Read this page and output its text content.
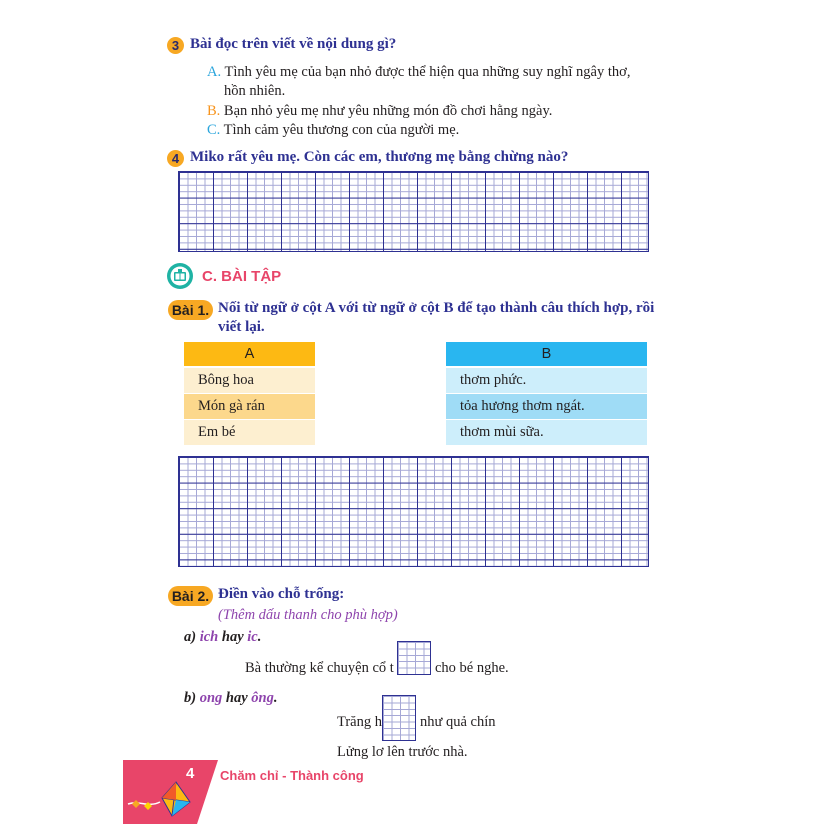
3 Bài đọc trên viết về nội dung gì?
A. Tình yêu mẹ của bạn nhỏ được thể hiện qua những suy nghĩ ngây thơ,
hồn nhiên.
B. Bạn nhỏ yêu mẹ như yêu những món đồ chơi hằng ngày.
C. Tình cảm yêu thương con của người mẹ.
4 Miko rất yêu mẹ. Còn các em, thương mẹ bằng chừng nào?
C. BÀI TẬP
Bài 1. Nối từ ngữ ở cột A với từ ngữ ở cột B để tạo thành câu thích hợp, rồi
viết lại.
A
Bông hoa
Món gà rán
Em bé
B
thơm phức.
tỏa hương thơm ngát.
thơm mùi sữa.
Bài 2. Điền vào chỗ trống:
(Thêm dấu thanh cho phù hợp)
a) ich hay ic.
Bà thường kể chuyện cổ t	cho bé nghe.
b) ong hay ông.
Trăng h	như quả chín
Lửng lơ lên trước nhà.
4 Chăm chỉ - Thành công
